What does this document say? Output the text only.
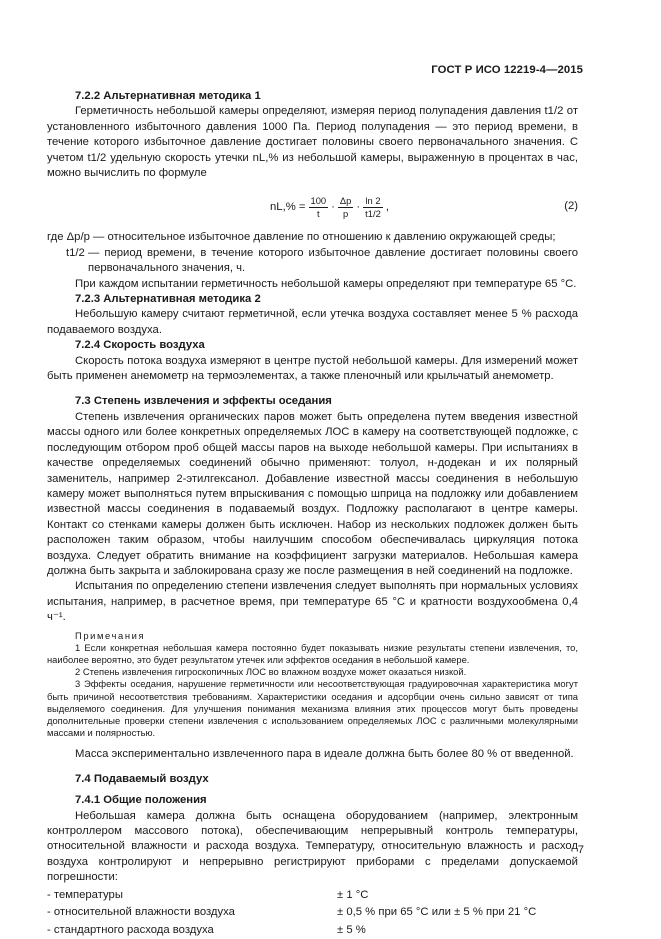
ГОСТ Р ИСО 12219-4—2015

7.2.2 Альтернативная методика 1

Герметичность небольшой камеры определяют, измеряя период полупадения давления t1/2 от установленного избыточного давления 1000 Па. Период полупадения — это период времени, в течение которого избыточное давление достигает половины своего первоначального значения. С учетом t1/2 удельную скорость утечки nL,% из небольшой камеры, выраженную в процентах в час, можно вычислить по формуле

$nL,\% = \frac{100}{t} \cdot \frac{\Delta p}{p} \cdot \frac{\ln 2}{t1/2}$ ,	(2)

где Δp/p — относительное избыточное давление по отношению к давлению окружающей среды;

t1/2 — период времени, в течение которого избыточное давление достигает половины своего первоначального значения, ч.

При каждом испытании герметичность небольшой камеры определяют при температуре 65 °С.

7.2.3 Альтернативная методика 2

Небольшую камеру считают герметичной, если утечка воздуха составляет менее 5 % расхода подаваемого воздуха.

7.2.4 Скорость воздуха

Скорость потока воздуха измеряют в центре пустой небольшой камеры. Для измерений может быть применен анемометр на термоэлементах, а также пленочный или крыльчатый анемометр.

7.3 Степень извлечения и эффекты оседания

Степень извлечения органических паров может быть определена путем введения известной массы одного или более конкретных определяемых ЛОС в камеру на соответствующей подложке, с последующим отбором проб общей массы паров на выходе небольшой камеры. При испытаниях в качестве определяемых соединений обычно применяют: толуол, н-додекан и их полярный заменитель, например 2-этилгексанол. Добавление известной массы соединения в небольшую камеру может выполняться путем впрыскивания с помощью шприца на подложку или добавлением известной массы соединения в подаваемый воздух. Подложку располагают в центре камеры. Контакт со стенками камеры должен быть исключен. Набор из нескольких подложек должен быть расположен таким образом, чтобы наилучшим способом обеспечивалась циркуляция потока воздуха. Следует обратить внимание на коэффициент загрузки материалов. Небольшая камера должна быть закрыта и заблокирована сразу же после размещения в ней соединений на подложке.

Испытания по определению степени извлечения следует выполнять при нормальных условиях испытания, например, в расчетное время, при температуре 65 °С и кратности воздухообмена 0,4 ч⁻¹.

Примечания

1 Если конкретная небольшая камера постоянно будет показывать низкие результаты степени извлечения, то, наиболее вероятно, это будет результатом утечек или эффектов оседания в небольшой камере.

2 Степень извлечения гигроскопичных ЛОС во влажном воздухе может оказаться низкой.

3 Эффекты оседания, нарушение герметичности или несоответствующая градуировочная характеристика могут быть причиной несоответствия требованиям. Характеристики оседания и адсорбции очень сильно зависят от типа выделяемого соединения. Для улучшения понимания механизма влияния этих процессов могут быть проведены дополнительные проверки степени извлечения с использованием определяемых ЛОС с различными молекулярными массами и полярностью.

Масса экспериментально извлеченного пара в идеале должна быть более 80 % от введенной.

7.4 Подаваемый воздух

7.4.1 Общие положения

Небольшая камера должна быть оснащена оборудованием (например, электронным контроллером массового потока), обеспечивающим непрерывный контроль температуры, относительной влажности и расхода воздуха. Температуру, относительную влажность и расход воздуха контролируют и непрерывно регистрируют приборами с пределами допускаемой погрешности:

- температуры	± 1 °С
- относительной влажности воздуха	± 0,5 % при 65 °С или ± 5 % при 21 °С
- стандартного расхода воздуха	± 5 %
7
